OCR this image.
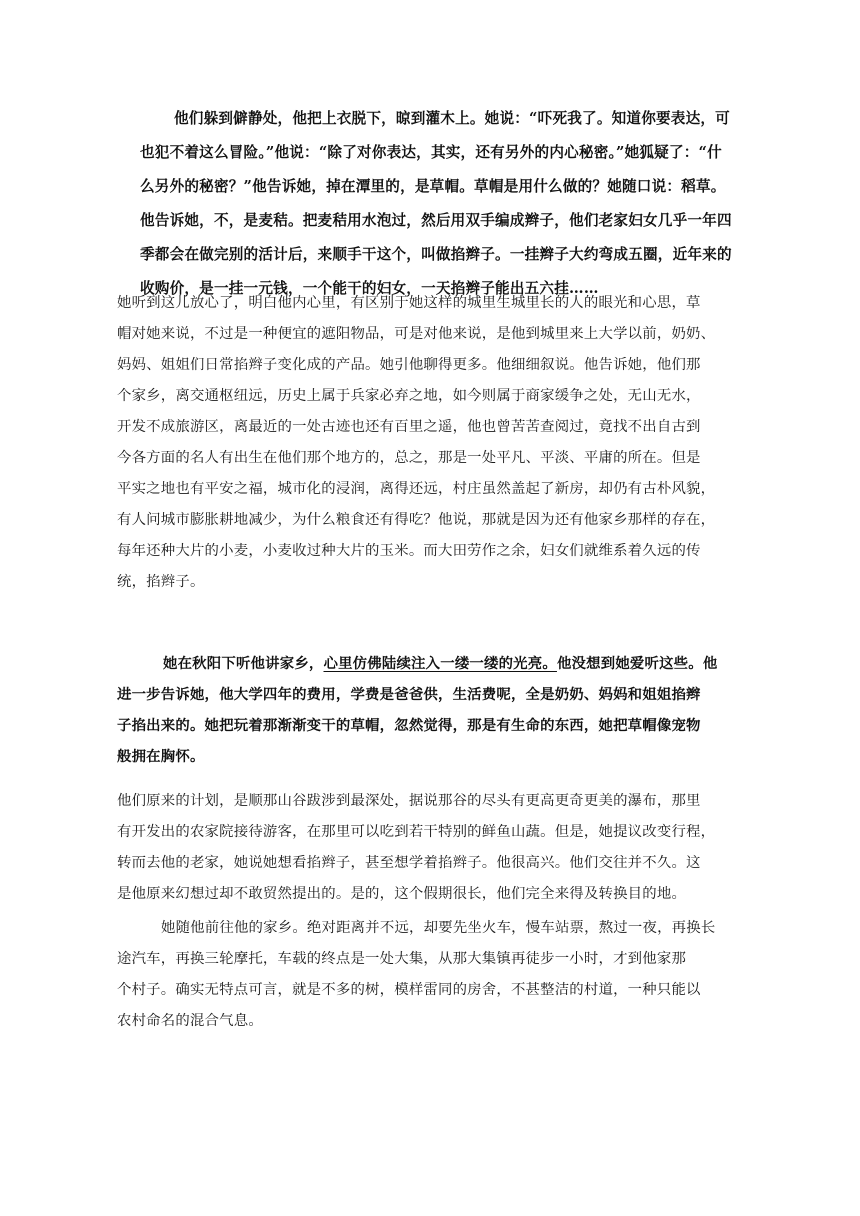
他们躲到僻静处，他把上衣脱下，晾到灌木上。她说：“吓死我了。知道你要表达，可
也犯不着这么冒险。”他说：“除了对你表达，其实，还有另外的内心秘密。”她狐疑了：“什
么另外的秘密？”他告诉她，掉在潭里的，是草帽。草帽是用什么做的？她随口说：稻草。
他告诉她，不，是麦秸。把麦秸用水泡过，然后用双手编成辫子，他们老家妇女几乎一年四
季都会在做完别的活计后，来顺手干这个，叫做掐辫子。一挂辫子大约弯成五圈，近年来的
收购价，是一挂一元钱，一个能干的妇女，一天掐辫子能出五六挂……

她听到这儿放心了，明白他内心里，有区别于她这样的城里生城里长的人的眼光和心思，草
帽对她来说，不过是一种便宜的遮阳物品，可是对他来说，是他到城里来上大学以前，奶奶、
妈妈、姐姐们日常掐辫子变化成的产品。她引他聊得更多。他细细叙说。他告诉她，他们那
个家乡，离交通枢纽远，历史上属于兵家必弃之地，如今则属于商家缓争之处，无山无水，
开发不成旅游区，离最近的一处古迹也还有百里之遥，他也曾苦苦查阅过，竟找不出自古到
今各方面的名人有出生在他们那个地方的，总之，那是一处平凡、平淡、平庸的所在。但是
平实之地也有平安之福，城市化的浸润，离得还远，村庄虽然盖起了新房，却仍有古朴风貌，
有人问城市膨胀耕地减少，为什么粮食还有得吃？他说，那就是因为还有他家乡那样的存在，
每年还种大片的小麦，小麦收过种大片的玉米。而大田劳作之余，妇女们就维系着久远的传
统，掐辫子。

她在秋阳下听他讲家乡，心里仿佛陆续注入一缕一缕的光亮。他没想到她爱听这些。他
进一步告诉她，他大学四年的费用，学费是爸爸供，生活费呢，全是奶奶、妈妈和姐姐掐辫
子掐出来的。她把玩着那渐渐变干的草帽，忽然觉得，那是有生命的东西，她把草帽像宠物
般拥在胸怀。

他们原来的计划，是顺那山谷跋涉到最深处，据说那谷的尽头有更高更奇更美的瀑布，那里
有开发出的农家院接待游客，在那里可以吃到若干特别的鲜鱼山蔬。但是，她提议改变行程，
转而去他的老家，她说她想看掐辫子，甚至想学着掐辫子。他很高兴。他们交往并不久。这
是他原来幻想过却不敢贸然提出的。是的，这个假期很长，他们完全来得及转换目的地。

她随他前往他的家乡。绝对距离并不远，却要先坐火车，慢车站票，熬过一夜，再换长
途汽车，再换三轮摩托，车载的终点是一处大集，从那大集镇再徒步一小时，才到他家那
个村子。确实无特点可言，就是不多的树，模样雷同的房舍，不甚整洁的村道，一种只能以
农村命名的混合气息。
